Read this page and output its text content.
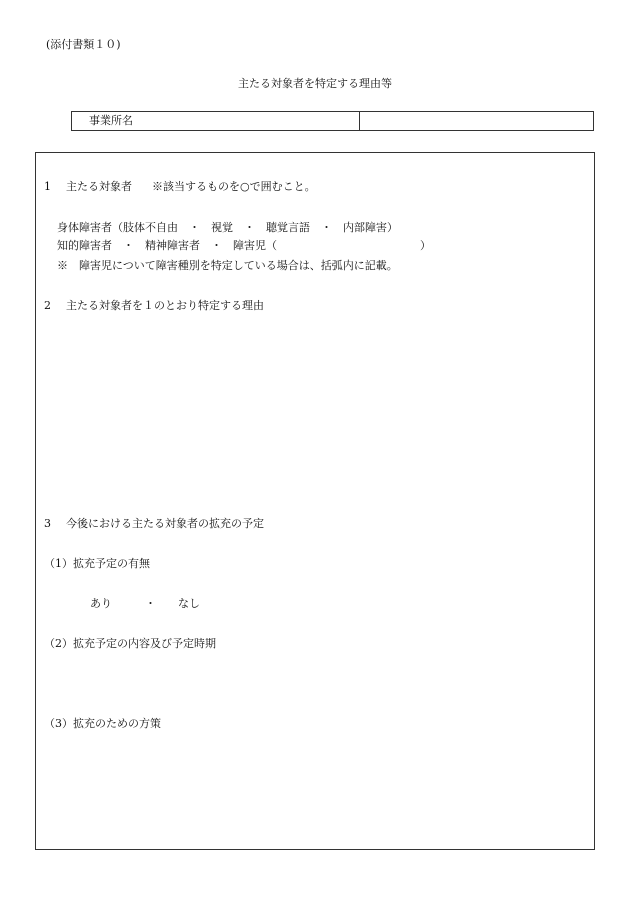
(添付書類１０)
主たる対象者を特定する理由等
事業所名
1 主たる対象者 ※該当するものを○で囲むこと。
身体障害者（肢体不自由　・　視覚　・　聴覚言語　・　内部障害）
知的障害者　・　精神障害者　・　障害児（　　　　　　　　　　　　　）
※　障害児について障害種別を特定している場合は、括弧内に記載。
2 主たる対象者を１のとおり特定する理由
3 今後における主たる対象者の拡充の予定
（1）拡充予定の有無
あり　　　・　　なし
（2）拡充予定の内容及び予定時期
（3）拡充のための方策
